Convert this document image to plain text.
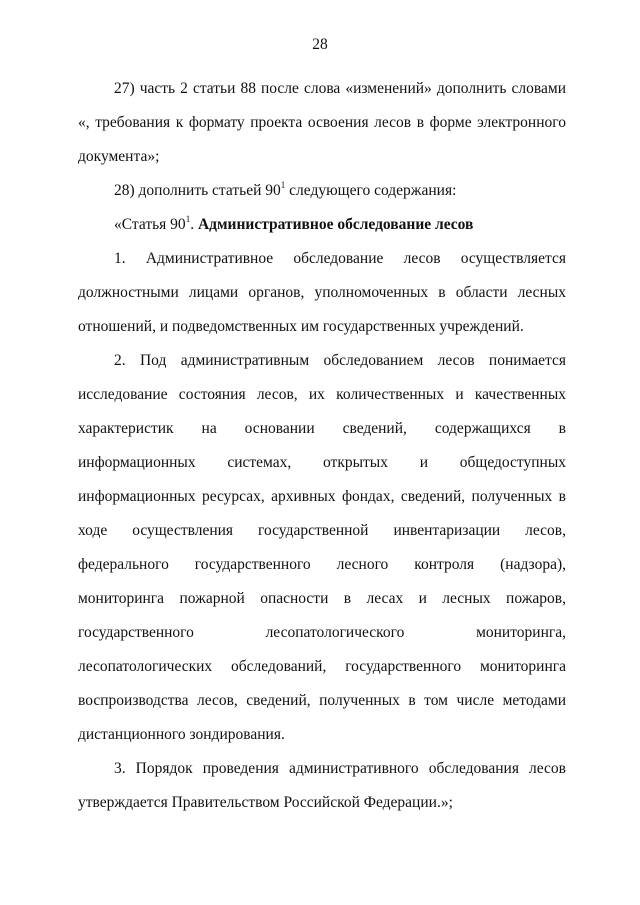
28

27) часть 2 статьи 88 после слова «изменений» дополнить словами «, требования к формату проекта освоения лесов в форме электронного документа»;

28) дополнить статьей $90^1$ следующего содержания:

«Статья $90^1$. Административное обследование лесов

1. Административное обследование лесов осуществляется должностными лицами органов, уполномоченных в области лесных отношений, и подведомственных им государственных учреждений.

2. Под административным обследованием лесов понимается исследование состояния лесов, их количественных и качественных характеристик на основании сведений, содержащихся в информационных системах, открытых и общедоступных информационных ресурсах, архивных фондах, сведений, полученных в ходе осуществления государственной инвентаризации лесов, федерального государственного лесного контроля (надзора), мониторинга пожарной опасности в лесах и лесных пожаров, государственного лесопатологического мониторинга, лесопатологических обследований, государственного мониторинга воспроизводства лесов, сведений, полученных в том числе методами дистанционного зондирования.

3. Порядок проведения административного обследования лесов утверждается Правительством Российской Федерации.»;
